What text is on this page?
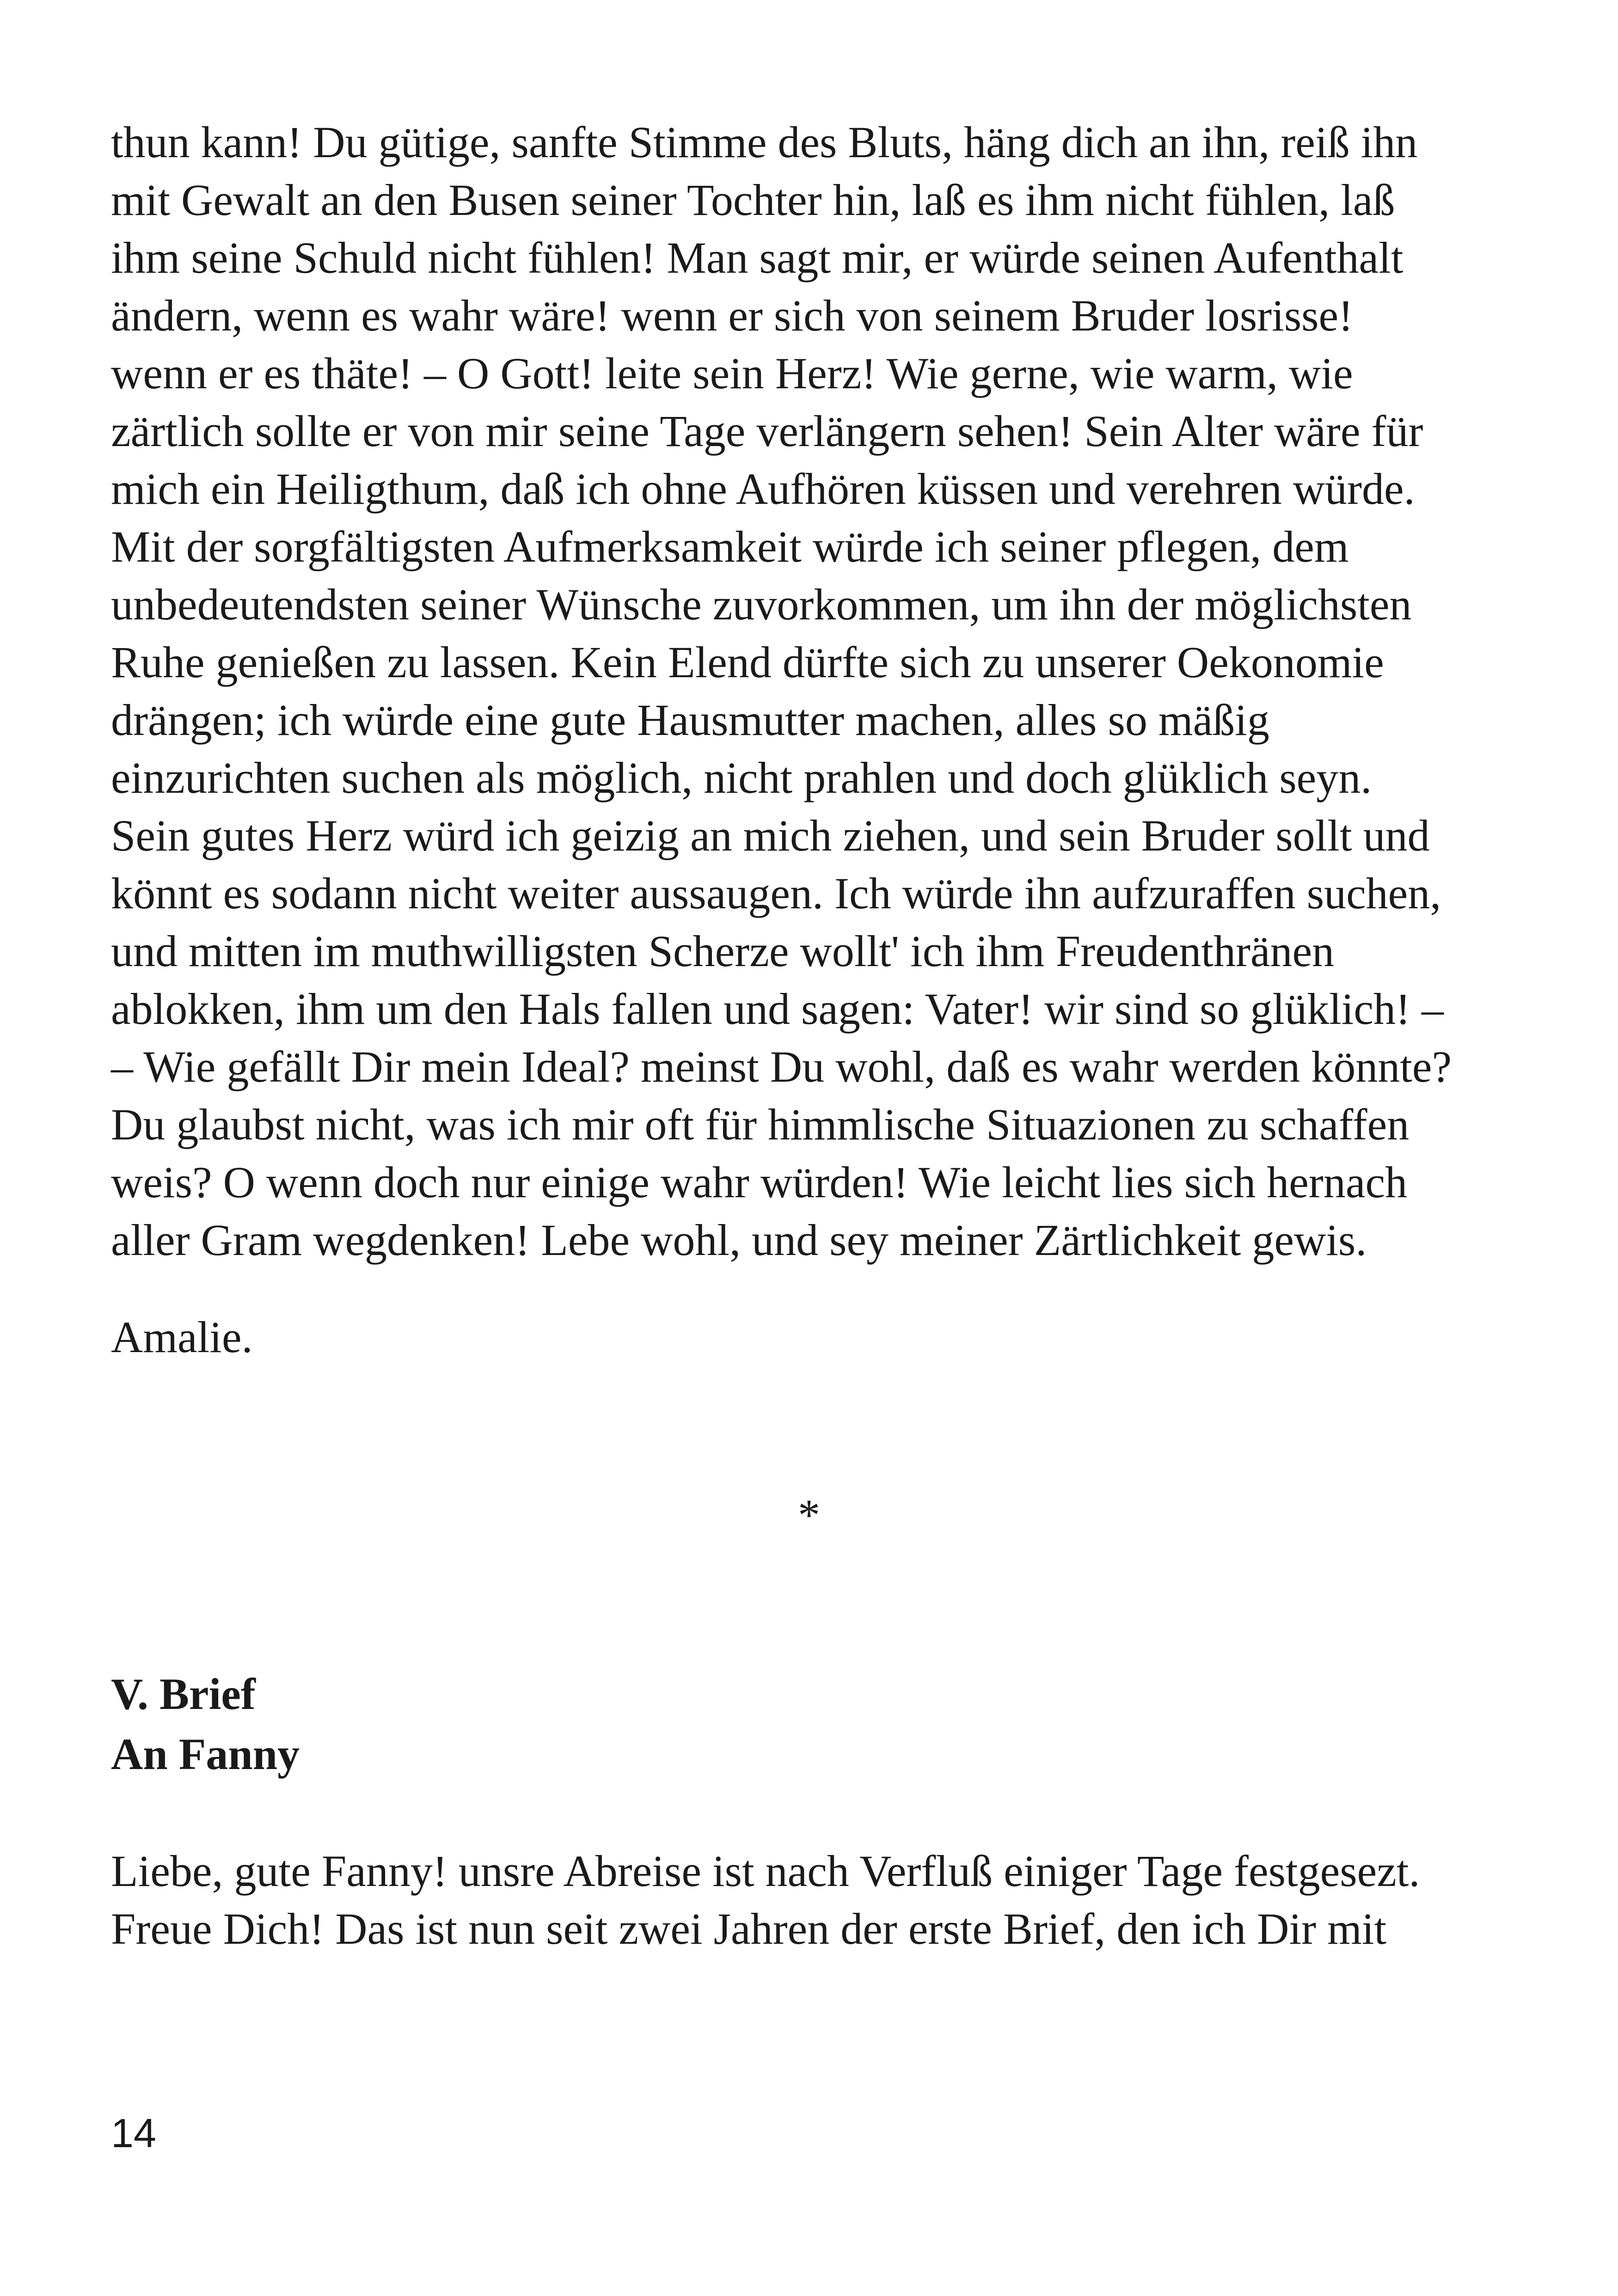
thun kann! Du gütige, sanfte Stimme des Bluts, häng dich an ihn, reiß ihn
mit Gewalt an den Busen seiner Tochter hin, laß es ihm nicht fühlen, laß
ihm seine Schuld nicht fühlen! Man sagt mir, er würde seinen Aufenthalt
ändern, wenn es wahr wäre! wenn er sich von seinem Bruder losrisse!
wenn er es thäte! – O Gott! leite sein Herz! Wie gerne, wie warm, wie
zärtlich sollte er von mir seine Tage verlängern sehen! Sein Alter wäre für
mich ein Heiligthum, daß ich ohne Aufhören küssen und verehren würde.
Mit der sorgfältigsten Aufmerksamkeit würde ich seiner pflegen, dem
unbedeutendsten seiner Wünsche zuvorkommen, um ihn der möglichsten
Ruhe genießen zu lassen. Kein Elend dürfte sich zu unserer Oekonomie
drängen; ich würde eine gute Hausmutter machen, alles so mäßig
einzurichten suchen als möglich, nicht prahlen und doch glüklich seyn.
Sein gutes Herz würd ich geizig an mich ziehen, und sein Bruder sollt und
könnt es sodann nicht weiter aussaugen. Ich würde ihn aufzuraffen suchen,
und mitten im muthwilligsten Scherze wollt' ich ihm Freudenthränen
ablokken, ihm um den Hals fallen und sagen: Vater! wir sind so glüklich! –
– Wie gefällt Dir mein Ideal? meinst Du wohl, daß es wahr werden könnte?
Du glaubst nicht, was ich mir oft für himmlische Situazionen zu schaffen
weis? O wenn doch nur einige wahr würden! Wie leicht lies sich hernach
aller Gram wegdenken! Lebe wohl, und sey meiner Zärtlichkeit gewis.
Amalie.
*
V. Brief
An Fanny
Liebe, gute Fanny! unsre Abreise ist nach Verfluß einiger Tage festgesezt.
Freue Dich! Das ist nun seit zwei Jahren der erste Brief, den ich Dir mit
14
